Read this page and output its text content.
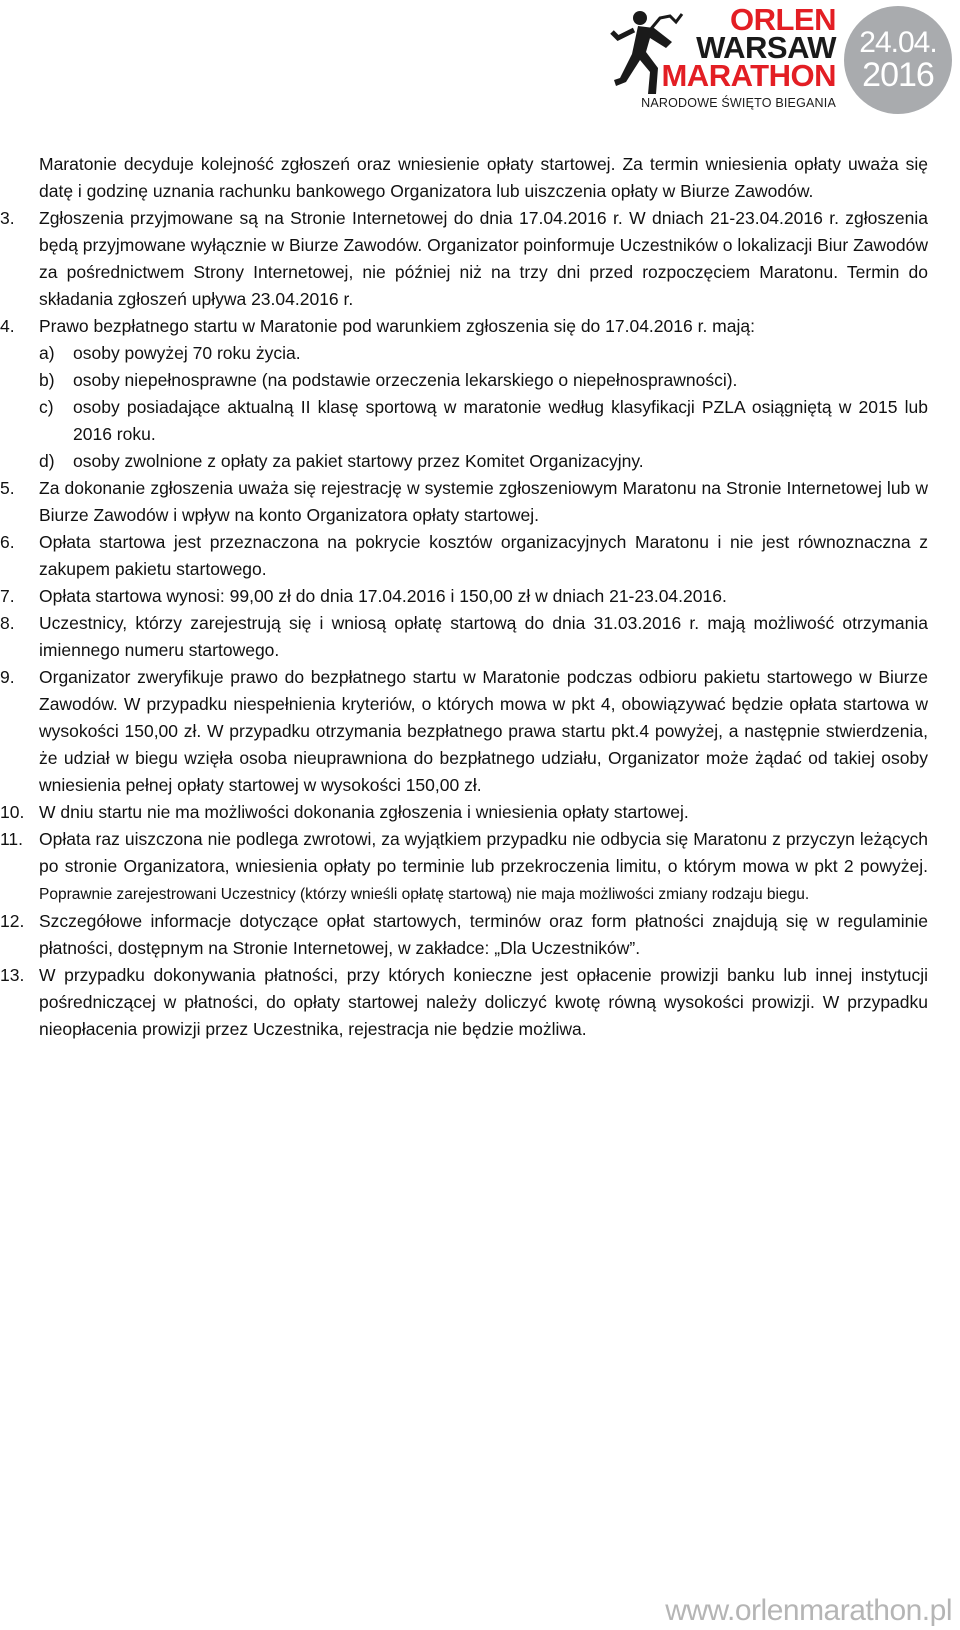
ORLEN
WARSAW
MARATHON
NARODOWE ŚWIĘTO BIEGANIA
24.04.
2016

Maratonie decyduje kolejność zgłoszeń oraz wniesienie opłaty startowej. Za termin wniesienia opłaty uważa się datę i godzinę uznania rachunku bankowego Organizatora lub uiszczenia opłaty w Biurze Zawodów.

3.	Zgłoszenia przyjmowane są na Stronie Internetowej do dnia 17.04.2016 r. W dniach 21-23.04.2016 r. zgłoszenia będą przyjmowane wyłącznie w Biurze Zawodów. Organizator poinformuje Uczestników o lokalizacji Biur Zawodów za pośrednictwem Strony Internetowej, nie później niż na trzy dni przed rozpoczęciem Maratonu. Termin do składania zgłoszeń upływa 23.04.2016 r.
4.	Prawo bezpłatnego startu w Maratonie pod warunkiem zgłoszenia się do 17.04.2016 r. mają:
a) osoby powyżej 70 roku życia.
b) osoby niepełnosprawne (na podstawie orzeczenia lekarskiego o niepełnosprawności).
c) osoby posiadające aktualną II klasę sportową w maratonie według klasyfikacji PZLA osiągniętą w 2015 lub 2016 roku.
d) osoby zwolnione z opłaty za pakiet startowy przez Komitet Organizacyjny.
5.	Za dokonanie zgłoszenia uważa się rejestrację w systemie zgłoszeniowym Maratonu na Stronie Internetowej lub w Biurze Zawodów i wpływ na konto Organizatora opłaty startowej.
6.	Opłata startowa jest przeznaczona na pokrycie kosztów organizacyjnych Maratonu i nie jest równoznaczna z zakupem pakietu startowego.
7.	Opłata startowa wynosi: 99,00 zł do dnia 17.04.2016 i 150,00 zł w dniach 21-23.04.2016.
8.	Uczestnicy, którzy zarejestrują się i wniosą opłatę startową do dnia 31.03.2016 r. mają możliwość otrzymania imiennego numeru startowego.
9.	Organizator zweryfikuje prawo do bezpłatnego startu w Maratonie podczas odbioru pakietu startowego w Biurze Zawodów. W przypadku niespełnienia kryteriów, o których mowa w pkt 4, obowiązywać będzie opłata startowa w wysokości 150,00 zł. W przypadku otrzymania bezpłatnego prawa startu pkt.4 powyżej, a następnie stwierdzenia, że udział w biegu wzięła osoba nieuprawniona do bezpłatnego udziału, Organizator może żądać od takiej osoby wniesienia pełnej opłaty startowej w wysokości 150,00 zł.
10. W dniu startu nie ma możliwości dokonania zgłoszenia i wniesienia opłaty startowej.
11. Opłata raz uiszczona nie podlega zwrotowi, za wyjątkiem przypadku nie odbycia się Maratonu z przyczyn leżących po stronie Organizatora, wniesienia opłaty po terminie lub przekroczenia limitu, o którym mowa w pkt 2 powyżej. Poprawnie zarejestrowani Uczestnicy (którzy wnieśli opłatę startową) nie maja możliwości zmiany rodzaju biegu.
12. Szczegółowe informacje dotyczące opłat startowych, terminów oraz form płatności znajdują się w regulaminie płatności, dostępnym na Stronie Internetowej, w zakładce: „Dla Uczestników”.
13. W przypadku dokonywania płatności, przy których konieczne jest opłacenie prowizji banku lub innej instytucji pośredniczącej w płatności, do opłaty startowej należy doliczyć kwotę równą wysokości prowizji. W przypadku nieopłacenia prowizji przez Uczestnika, rejestracja nie będzie możliwa.
www.orlenmarathon.pl
